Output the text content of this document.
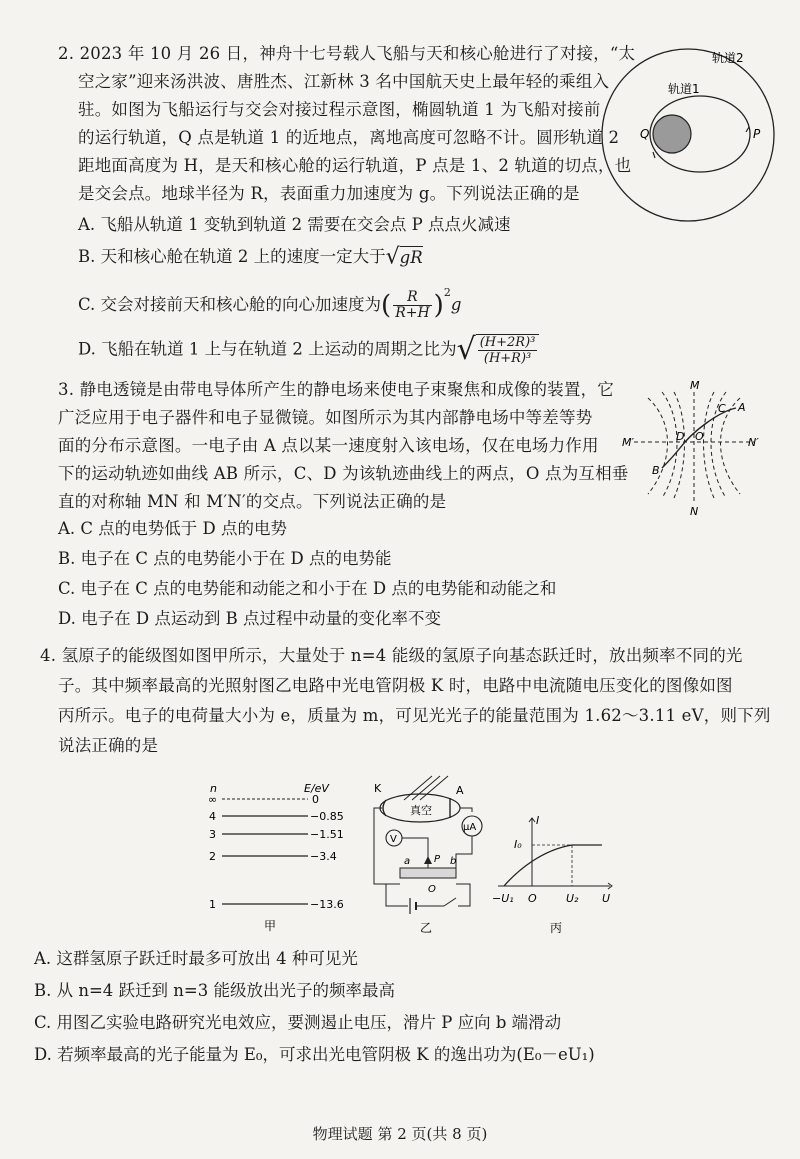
2. 2023 年 10 月 26 日，神舟十七号载人飞船与天和核心舱进行了对接，“太
空之家”迎来汤洪波、唐胜杰、江新林 3 名中国航天史上最年轻的乘组入
驻。如图为飞船运行与交会对接过程示意图，椭圆轨道 1 为飞船对接前
的运行轨道，Q 点是轨道 1 的近地点，离地高度可忽略不计。圆形轨道 2
距地面高度为 H，是天和核心舱的运行轨道，P 点是 1、2 轨道的切点，也
是交会点。地球半径为 R，表面重力加速度为 g。下列说法正确的是
A. 飞船从轨道 1 变轨到轨道 2 需要在交会点 P 点点火减速
B. 天和核心舱在轨道 2 上的速度一定大于√gR
C. 交会对接前天和核心舱的向心加速度为( $\frac{R}{R+H} )^2g$
D. 飞船在轨道 1 上与在轨道 2 上运动的周期之比为√ $\frac{\text{(H+2R)³}}{\text{(H+R)³}}$
轨道2
轨道1
Q	P
3. 静电透镜是由带电导体所产生的静电场来使电子束聚焦和成像的装置，它
广泛应用于电子器件和电子显微镜。如图所示为其内部静电场中等差等势
面的分布示意图。一电子由 A 点以某一速度射入该电场，仅在电场力作用
下的运动轨迹如曲线 AB 所示，C、D 为该轨迹曲线上的两点，O 点为互相垂
直的对称轴 MN 和 M′N′的交点。下列说法正确的是
A. C 点的电势低于 D 点的电势
B. 电子在 C 点的电势能小于在 D 点的电势能
C. 电子在 C 点的电势能和动能之和小于在 D 点的电势能和动能之和
D. 电子在 D 点运动到 B 点过程中动量的变化率不变
M
N
M′	N′
A
B
C
D O
4. 氢原子的能级图如图甲所示，大量处于 n=4 能级的氢原子向基态跃迁时，放出频率不同的光
子。其中频率最高的光照射图乙电路中光电管阴极 K 时，电路中电流随电压变化的图像如图
丙所示。电子的电荷量大小为 e，质量为 m，可见光光子的能量范围为 1.62～3.11 eV，则下列
说法正确的是
n	E/eV
∞	0
4	−0.85
3	−1.51
2	−3.4
1	−13.6
甲
K	A
真空
μA
V
a P b
O
乙
I
I₀
−U₁ O	U₂ U
丙
A. 这群氢原子跃迁时最多可放出 4 种可见光
B. 从 n=4 跃迁到 n=3 能级放出光子的频率最高
C. 用图乙实验电路研究光电效应，要测遏止电压，滑片 P 应向 b 端滑动
D. 若频率最高的光子能量为 E₀，可求出光电管阴极 K 的逸出功为(E₀－eU₁)
物理试题 第 2 页(共 8 页)
